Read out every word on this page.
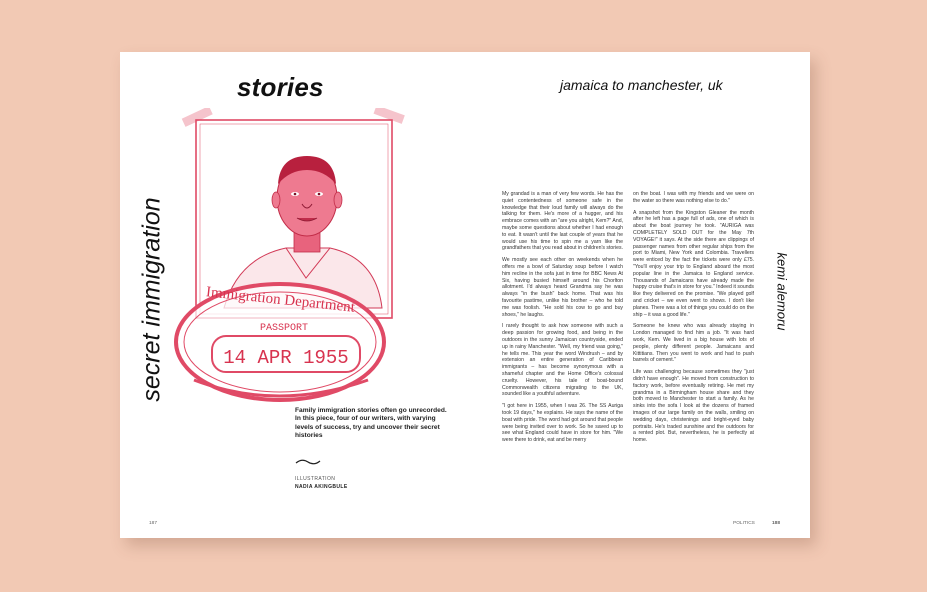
stories
secret immigration	Immigration Department
PASSPORT
14 APR 1955
Family immigration stories often go unrecorded. In this piece, four of our writers, with varying levels of success, try and uncover their secret histories
ILLUSTRATION
NADIA AKINGBULE
187
jamaica to manchester, uk
kemi alemoru

My grandad is a man of very few words. He has the quiet contentedness of someone safe in the knowledge that their loud family will always do the talking for them. He's more of a hugger, and his embrace comes with an "are you alright, Kem?" And, maybe some questions about whether I had enough to eat. It wasn't until the last couple of years that he would use his time to spin me a yarn like the grandfathers that you read about in children's stories.

We mostly see each other on weekends when he offers me a bowl of Saturday soup before I watch him recline in the sofa just in time for BBC News At Six, having busied himself around his Chorlton allotment. I'd always heard Grandma say he was always "in the bush" back home. That was his favourite pastime, unlike his brother – who he told me was foolish. "He sold his cow to go and buy shoes," he laughs.

I rarely thought to ask how someone with such a deep passion for growing food, and being in the outdoors in the sunny Jamaican countryside, ended up in rainy Manchester. "Well, my friend was going," he tells me. This year the word Windrush – and by extension an entire generation of Caribbean immigrants – has become synonymous with a shameful chapter and the Home Office's colossal cruelty. However, his tale of boat-bound Commonwealth citizens migrating to the UK, sounded like a youthful adventure.

"I got here in 1955, when I was 26. The SS Auriga took 19 days," he explains. He says the name of the boat with pride. The word had got around that people were being invited over to work. So he saved up to see what England could have in store for him. "We were there to drink, eat and be merry

on the boat. I was with my friends and we were on the water so there was nothing else to do."

A snapshot from the Kingston Gleaner the month after he left has a page full of ads, one of which is about the boat journey he took. "AURIGA was COMPLETELY SOLD OUT for the May 7th VOYAGE!" it says. At the side there are clippings of passenger names from other regular ships from the port to Miami, New York and Colombia. Travellers were enticed by the fact the tickets were only £75. "You'll enjoy your trip to England aboard the most popular line in the Jamaica to England service. Thousands of Jamaicans have already made the happy cruise that's in store for you." Indeed it sounds like they delivered on the promise. "We played golf and cricket – we even went to shows. I don't like planes. There was a lot of things you could do on the ship – it was a good life."

Someone he knew who was already staying in London managed to find him a job. "It was hard work, Kem. We lived in a big house with lots of people, plenty different people. Jamaicans and Kittitians. Then you went to work and had to push barrels of cement."

Life was challenging because sometimes they "just didn't have enough". He moved from construction to factory work, before eventually retiring. He met my grandma in a Birmingham house share and they both moved to Manchester to start a family. As he sinks into the sofa I look at the dozens of framed images of our large family on the walls, smiling on wedding days, christenings and bright-eyed baby portraits. He's traded sunshine and the outdoors for a rented plot. But, nevertheless, he is perfectly at home.

POLITICS	188
